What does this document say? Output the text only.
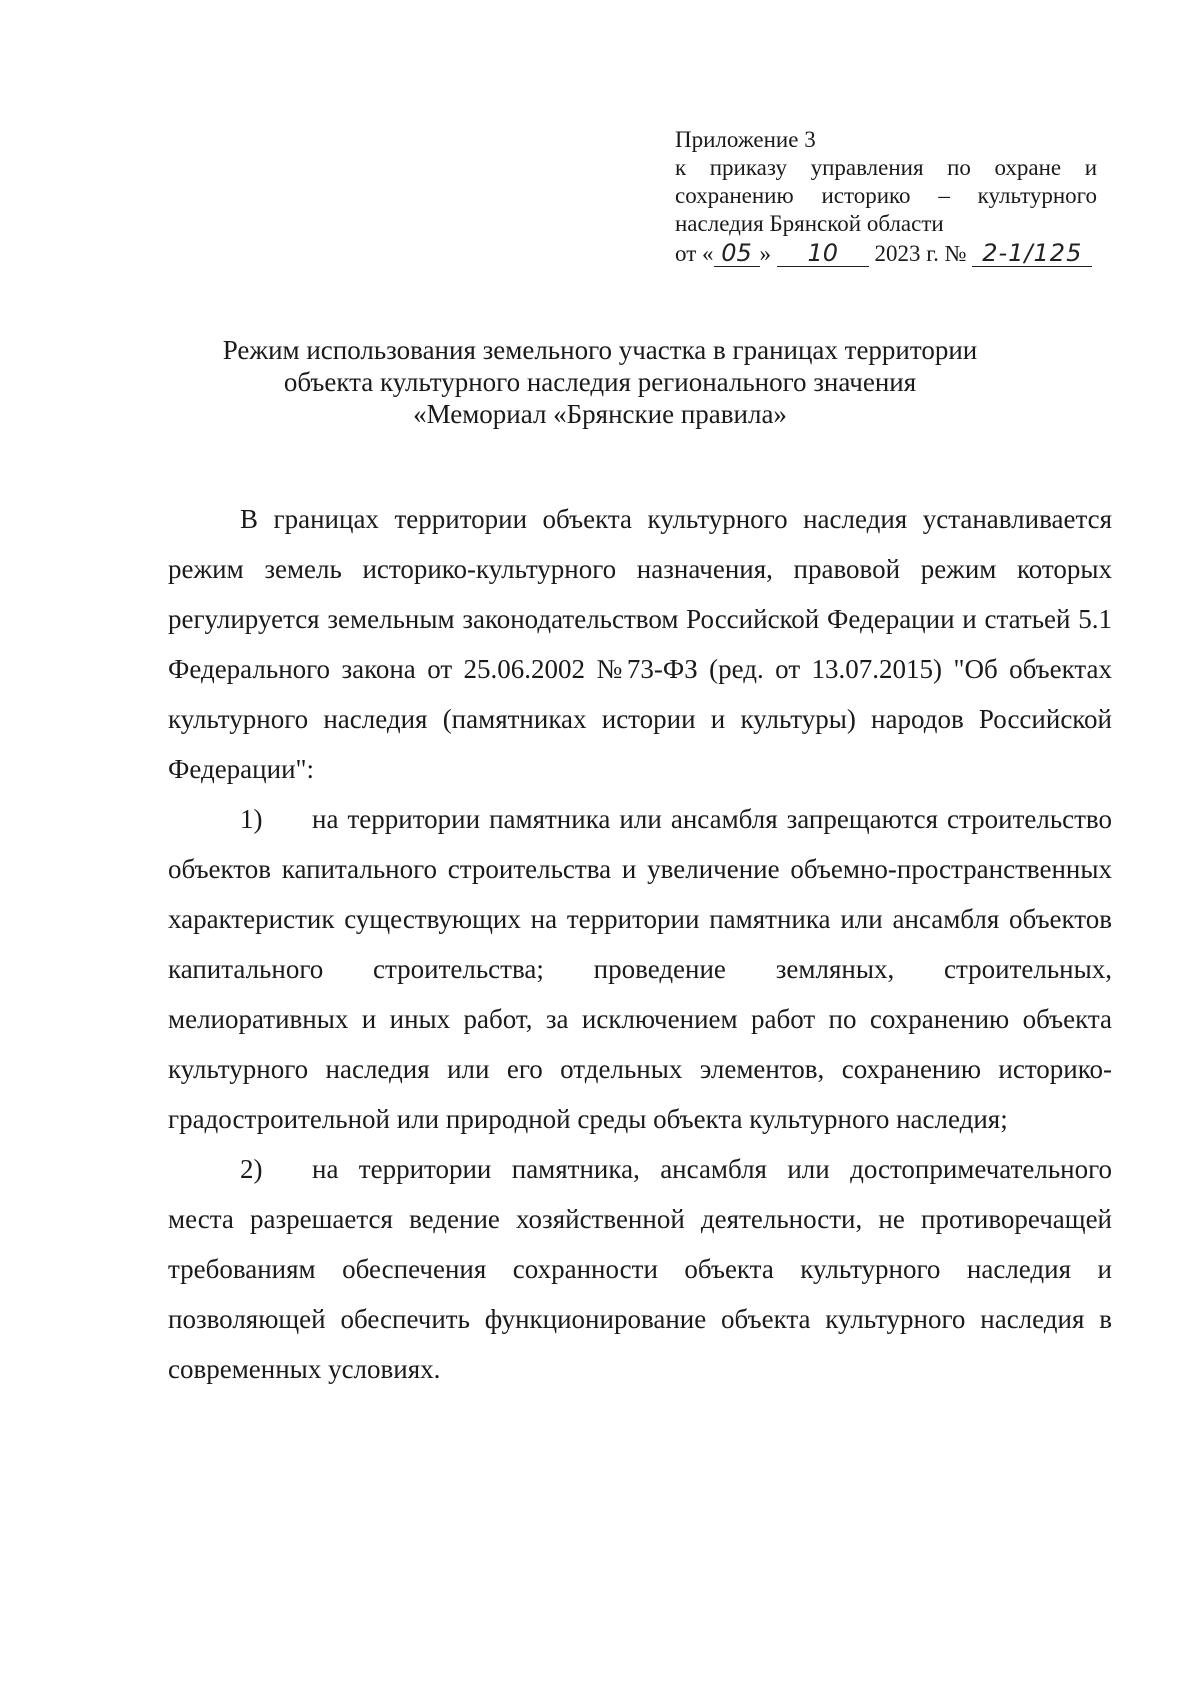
Приложение 3
к приказу управления по охране и
сохранению историко – культурного
наследия Брянской области
от « 05 » 10 2023 г. № 2-1/125
Режим использования земельного участка в границах территории
объекта культурного наследия регионального значения
«Мемориал «Брянские правила»

В границах территории объекта культурного наследия устанавливается режим земель историко-культурного назначения, правовой режим которых регулируется земельным законодательством Российской Федерации и статьей 5.1 Федерального закона от 25.06.2002 №73-ФЗ (ред. от 13.07.2015) "Об объектах культурного наследия (памятниках истории и культуры) народов Российской Федерации":

1) на территории памятника или ансамбля запрещаются строительство объектов капитального строительства и увеличение объемно-пространственных характеристик существующих на территории памятника или ансамбля объектов капитального строительства; проведение земляных, строительных, мелиоративных и иных работ, за исключением работ по сохранению объекта культурного наследия или его отдельных элементов, сохранению историко-градостроительной или природной среды объекта культурного наследия;

2) на территории памятника, ансамбля или достопримечательного места разрешается ведение хозяйственной деятельности, не противоречащей требованиям обеспечения сохранности объекта культурного наследия и позволяющей обеспечить функционирование объекта культурного наследия в современных условиях.
